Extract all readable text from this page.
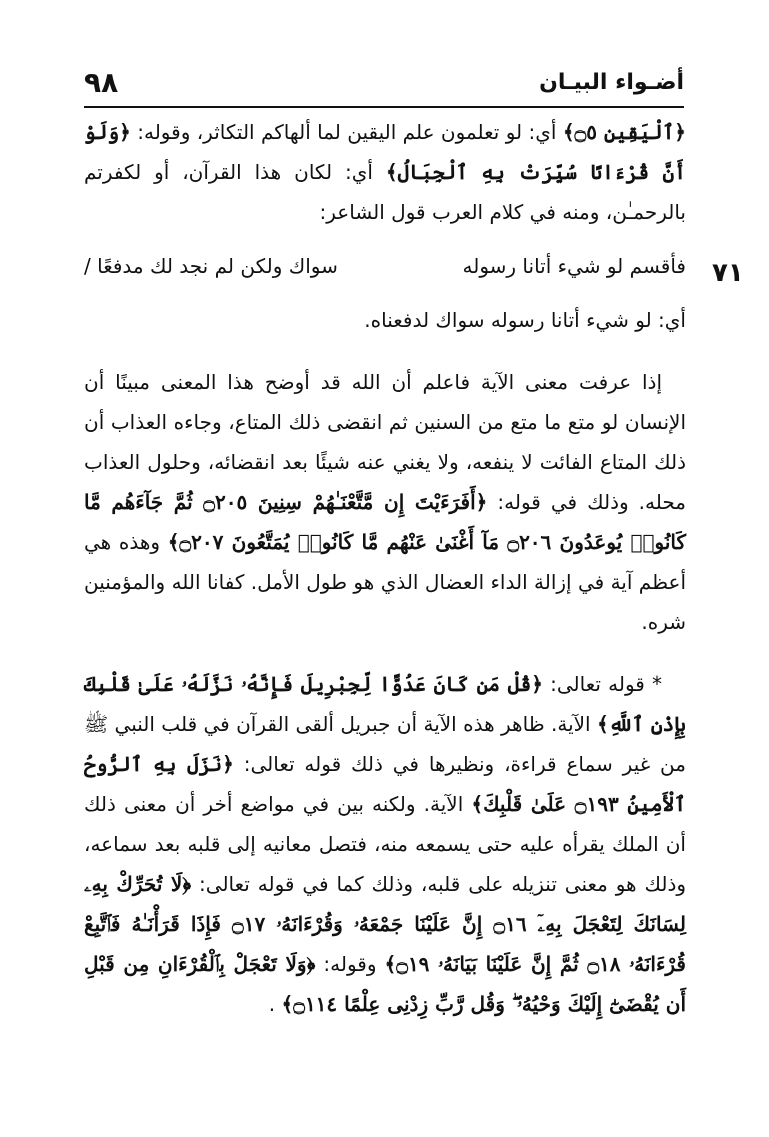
٩٨	أضـواء البيـان
٧١

﴿ٱلْيَقِينِ ۝٥﴾ أي: لو تعلمون علم اليقين لما ألهاكم التكاثر، وقوله: ﴿وَلَوْ أَنَّ قُرْءَانًا سُيِّرَتْ بِهِ ٱلْجِبَالُ﴾ أي: لكان هذا القرآن، أو لكفرتم بالرحمـٰن، ومنه في كلام العرب قول الشاعر:

فأقسم لو شيء أتانا رسوله
سواك ولكن لم نجد لك مدفعًا /

أي: لو شيء أتانا رسوله سواك لدفعناه.

إذا عرفت معنى الآية فاعلم أن الله قد أوضح هذا المعنى مبينًا أن الإنسان لو متع ما متع من السنين ثم انقضى ذلك المتاع، وجاءه العذاب أن ذلك المتاع الفائت لا ينفعه، ولا يغني عنه شيئًا بعد انقضائه، وحلول العذاب محله. وذلك في قوله: ﴿أَفَرَءَيْتَ إِن مَّتَّعْنَـٰهُمْ سِنِينَ ۝٢٠٥ ثُمَّ جَآءَهُم مَّا كَانُوا۟ يُوعَدُونَ ۝٢٠٦ مَآ أَغْنَىٰ عَنْهُم مَّا كَانُوا۟ يُمَتَّعُونَ ۝٢٠٧﴾ وهذه هي أعظم آية في إزالة الداء العضال الذي هو طول الأمل. كفانا الله والمؤمنين شره.

* قوله تعالى: ﴿قُلْ مَن كَانَ عَدُوًّا لِّجِبْرِيلَ فَإِنَّهُۥ نَزَّلَهُۥ عَلَىٰ قَلْبِكَ بِإِذْنِ ٱللَّهِ﴾ الآية. ظاهر هذه الآية أن جبريل ألقى القرآن في قلب النبي ﷺ من غير سماع قراءة، ونظيرها في ذلك قوله تعالى: ﴿نَزَلَ بِهِ ٱلرُّوحُ ٱلْأَمِينُ ۝١٩٣ عَلَىٰ قَلْبِكَ﴾ الآية. ولكنه بين في مواضع أخر أن معنى ذلك أن الملك يقرأه عليه حتى يسمعه منه، فتصل معانيه إلى قلبه بعد سماعه، وذلك هو معنى تنزيله على قلبه، وذلك كما في قوله تعالى: ﴿لَا تُحَرِّكْ بِهِۦ لِسَانَكَ لِتَعْجَلَ بِهِۦٓ ۝١٦ إِنَّ عَلَيْنَا جَمْعَهُۥ وَقُرْءَانَهُۥ ۝١٧ فَإِذَا قَرَأْنَـٰهُ فَٱتَّبِعْ قُرْءَانَهُۥ ۝١٨ ثُمَّ إِنَّ عَلَيْنَا بَيَانَهُۥ ۝١٩﴾ وقوله: ﴿وَلَا تَعْجَلْ بِٱلْقُرْءَانِ مِن قَبْلِ أَن يُقْضَىٰٓ إِلَيْكَ وَحْيُهُۥ ۖ وَقُل رَّبِّ زِدْنِى عِلْمًا ۝١١٤﴾ .
